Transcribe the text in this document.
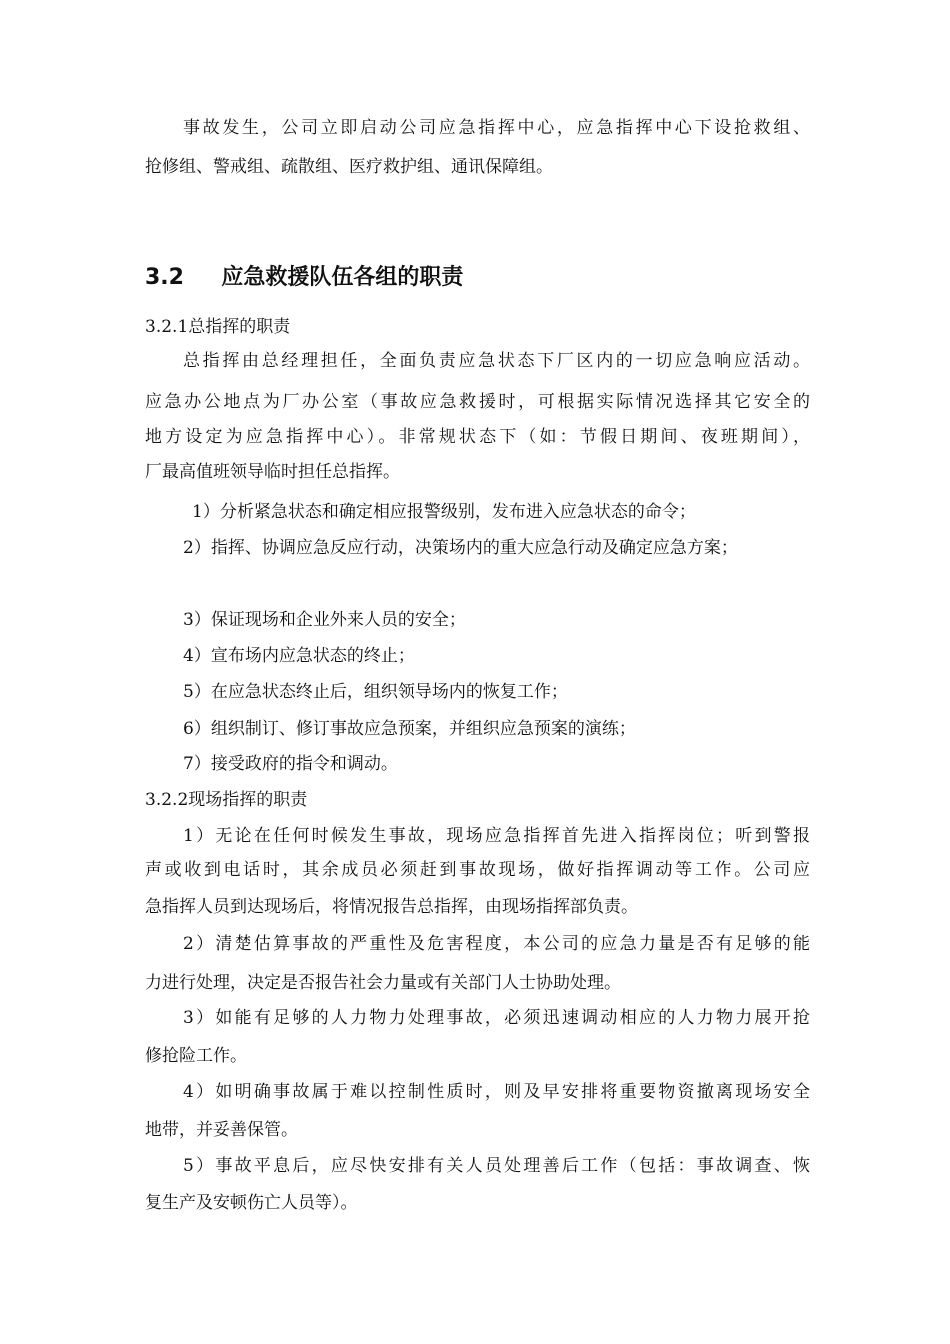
事故发生，公司立即启动公司应急指挥中心，应急指挥中心下设抢救组、
抢修组、警戒组、疏散组、医疗救护组、通讯保障组。
3.2 应急救援队伍各组的职责
3.2.1总指挥的职责
总指挥由总经理担任，全面负责应急状态下厂区内的一切应急响应活动。
应急办公地点为厂办公室（事故应急救援时，可根据实际情况选择其它安全的
地方设定为应急指挥中心）。非常规状态下（如：节假日期间、夜班期间），
厂最高值班领导临时担任总指挥。
1）分析紧急状态和确定相应报警级别，发布进入应急状态的命令；
2）指挥、协调应急反应行动，决策场内的重大应急行动及确定应急方案；
3）保证现场和企业外来人员的安全；
4）宣布场内应急状态的终止；
5）在应急状态终止后，组织领导场内的恢复工作；
6）组织制订、修订事故应急预案，并组织应急预案的演练；
7）接受政府的指令和调动。
3.2.2现场指挥的职责
1）无论在任何时候发生事故，现场应急指挥首先进入指挥岗位；听到警报
声或收到电话时，其余成员必须赶到事故现场，做好指挥调动等工作。公司应
急指挥人员到达现场后，将情况报告总指挥，由现场指挥部负责。
2）清楚估算事故的严重性及危害程度，本公司的应急力量是否有足够的能
力进行处理，决定是否报告社会力量或有关部门人士协助处理。
3）如能有足够的人力物力处理事故，必须迅速调动相应的人力物力展开抢
修抢险工作。
4）如明确事故属于难以控制性质时，则及早安排将重要物资撤离现场安全
地带，并妥善保管。
5）事故平息后，应尽快安排有关人员处理善后工作（包括：事故调查、恢
复生产及安顿伤亡人员等）。
